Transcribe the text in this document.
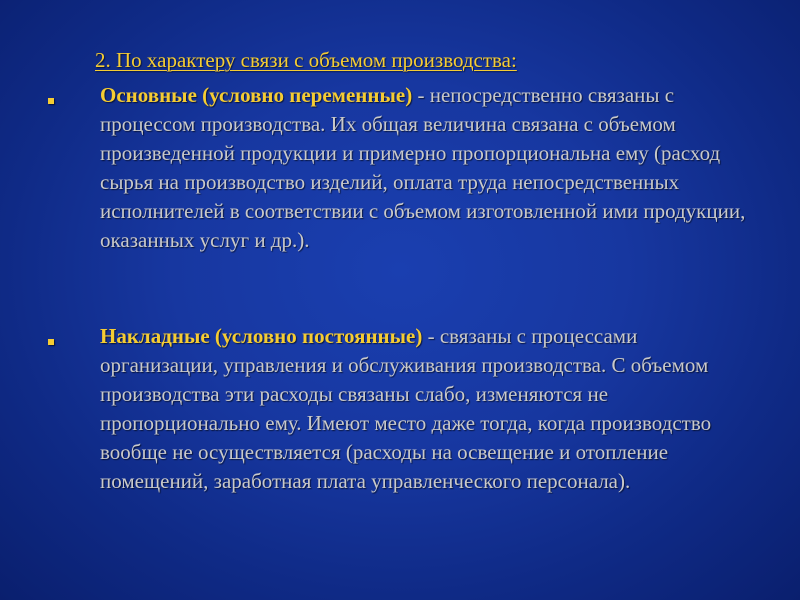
2. По характеру связи с объемом производства:
Основные (условно переменные) - непосредственно связаны с процессом производства. Их общая величина связана с объемом произведенной продукции и примерно пропорциональна ему (расход сырья на производство изделий, оплата труда непосредственных исполнителей в соответствии с объемом изготовленной ими продукции, оказанных услуг и др.).
Накладные (условно постоянные) - связаны с процессами организации, управления и обслуживания производства. С объемом производства эти расходы связаны слабо, изменяются не пропорционально ему. Имеют место даже тогда, когда производство вообще не осуществляется (расходы на освещение и отопление помещений, заработная плата управленческого персонала).
